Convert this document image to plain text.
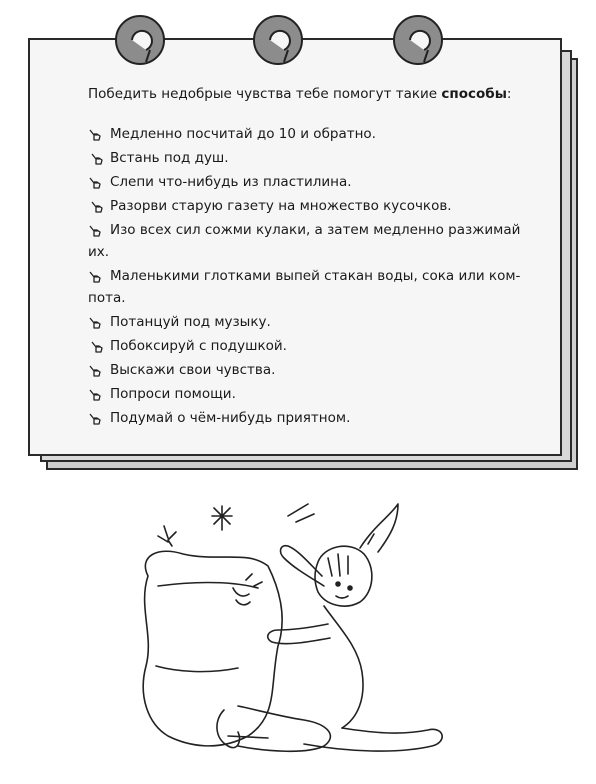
Победить недобрые чувства тебе помогут такие способы:
Медленно посчитай до 10 и обратно.
Встань под душ.
Слепи что-нибудь из пластилина.
Разорви старую газету на множество кусочков.
Изо всех сил сожми кулаки, а затем медленно разжимай
их.
Маленькими глотками выпей стакан воды, сока или ком-
пота.
Потанцуй под музыку.
Побоксируй с подушкой.
Выскажи свои чувства.
Попроси помощи.
Подумай о чём-нибудь приятном.
